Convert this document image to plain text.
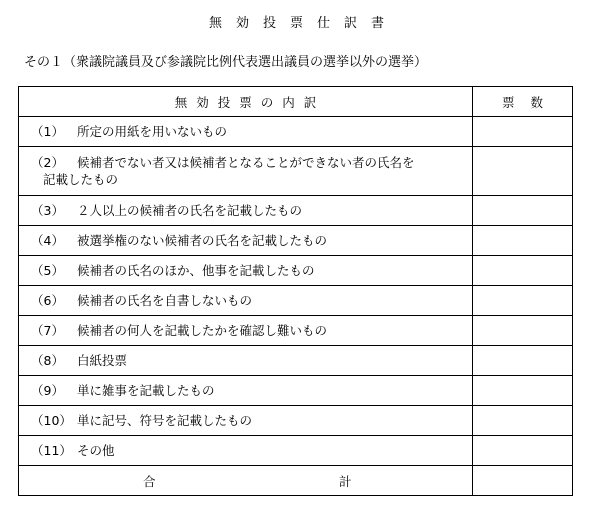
無効投票仕訳書
その１（衆議院議員及び参議院比例代表選出議員の選挙以外の選挙）
無効投票の内訳	票数
（1） 所定の用紙を用いないもの	
（2） 候補者でない者又は候補者となることができない者の氏名を
記載したもの	

（3） ２人以上の候補者の氏名を記載したもの	
（4） 被選挙権のない候補者の氏名を記載したもの	
（5） 候補者の氏名のほか、他事を記載したもの	
（6） 候補者の氏名を自書しないもの	
（7） 候補者の何人を記載したかを確認し難いもの	
（8） 白紙投票	
（9） 単に雑事を記載したもの	
（10） 単に記号、符号を記載したもの	
（11） その他	

合 計	
